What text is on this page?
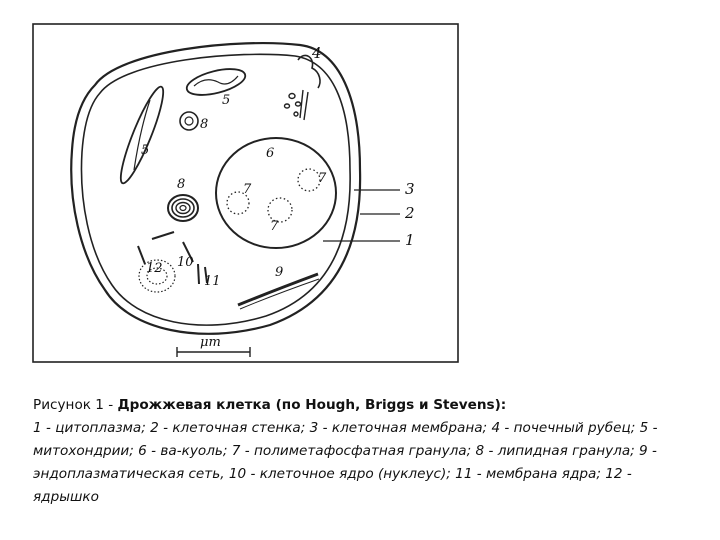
μm
1
2
3
4
5
5	6
7
7
7
8
8
9
10
11
12

Рисунок 1 - Дрожжевая клетка (по Hough, Briggs и Stevens):

1 - цитоплазма; 2 - клеточная стенка; 3 - клеточная мембрана; 4 - почечный рубец; 5 - митохондрии; 6 - ва-куоль; 7 - полиметафосфатная гранула; 8 - липидная гранула; 9 - эндоплазматическая сеть, 10 - клеточное ядро (нуклеус); 11 - мембрана ядра; 12 - ядрышко
